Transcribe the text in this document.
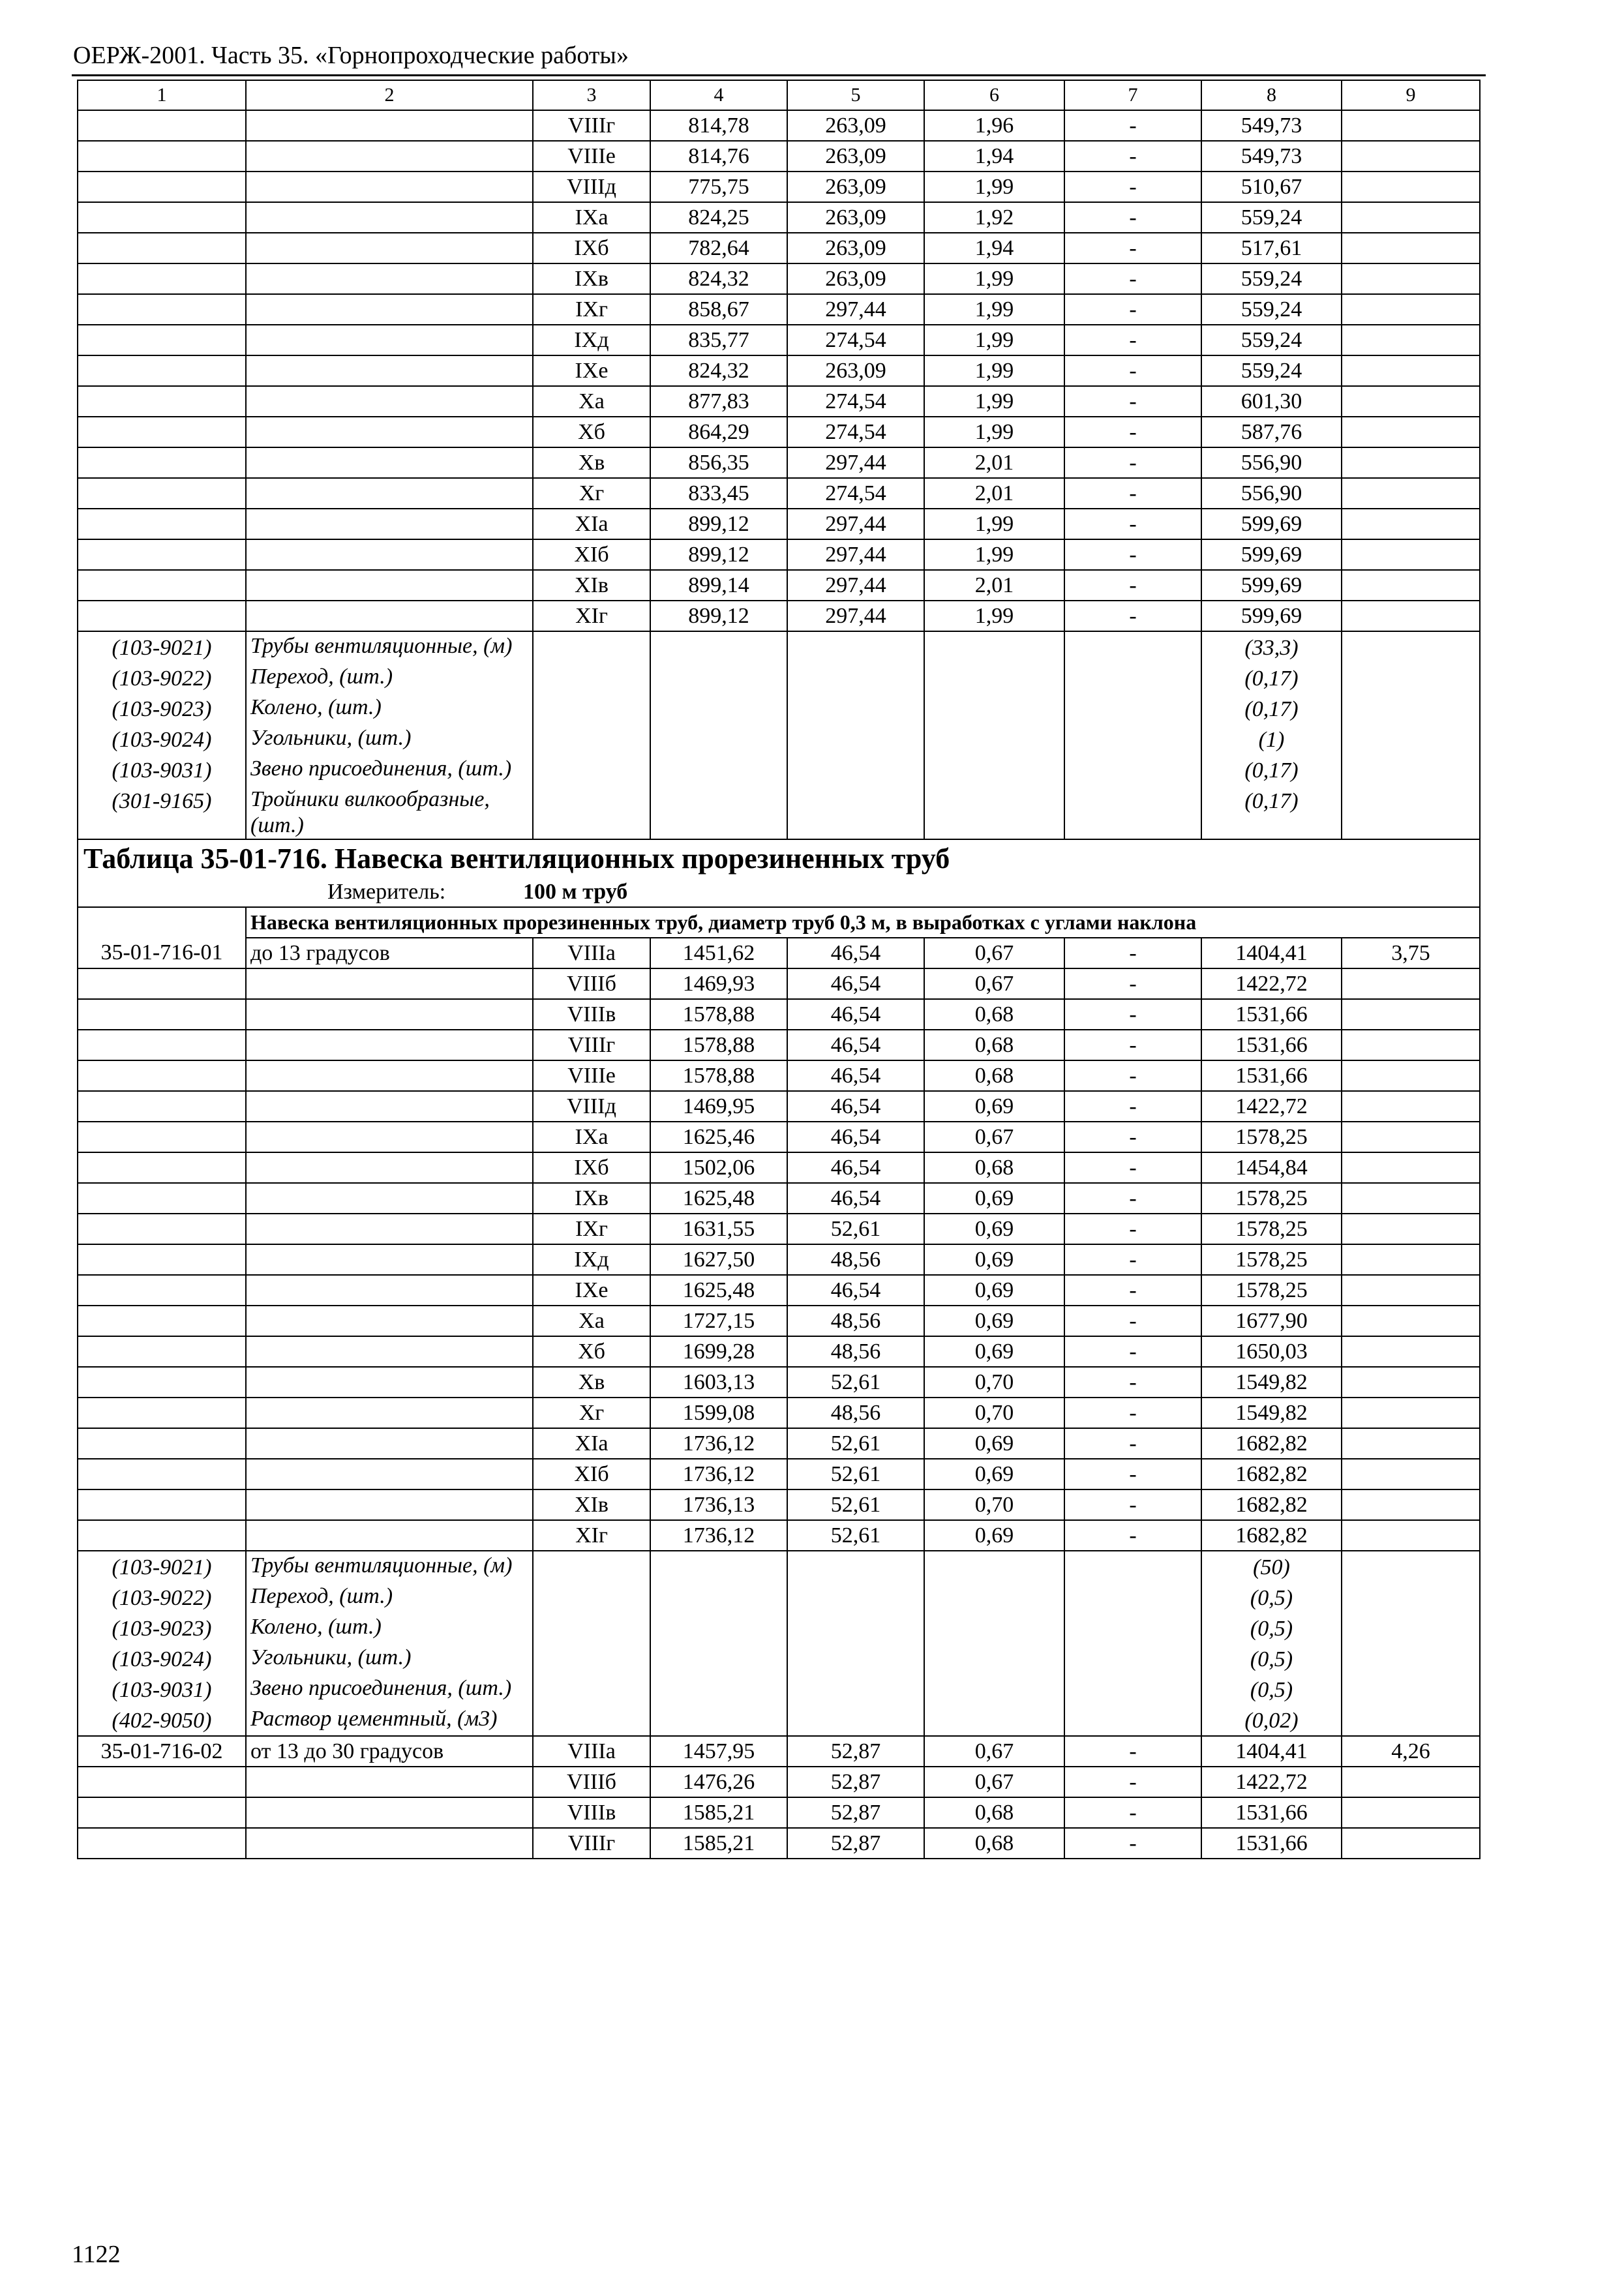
ОЕРЖ-2001. Часть 35. «Горнопроходческие работы»
1	2	3	4	5	6	7	8	9
		VIIIг	814,78	263,09	1,96	-	549,73	
		VIIIе	814,76	263,09	1,94	-	549,73	
		VIIIд	775,75	263,09	1,99	-	510,67	
		IXа	824,25	263,09	1,92	-	559,24	
		IXб	782,64	263,09	1,94	-	517,61	
		IXв	824,32	263,09	1,99	-	559,24	
		IXг	858,67	297,44	1,99	-	559,24	
		IXд	835,77	274,54	1,99	-	559,24	
		IXе	824,32	263,09	1,99	-	559,24	
		Xа	877,83	274,54	1,99	-	601,30	
		Xб	864,29	274,54	1,99	-	587,76	
		Xв	856,35	297,44	2,01	-	556,90	
		Xг	833,45	274,54	2,01	-	556,90	
		XIа	899,12	297,44	1,99	-	599,69	
		XIб	899,12	297,44	1,99	-	599,69	
		XIв	899,14	297,44	2,01	-	599,69	
		XIг	899,12	297,44	1,99	-	599,69	
(103-9021)	Трубы вентиляционные, (м)						(33,3)	
(103-9022)	Переход, (шт.)						(0,17)	
(103-9023)	Колено, (шт.)						(0,17)	
(103-9024)	Угольники, (шт.)						(1)	
(103-9031)	Звено присоединения, (шт.)						(0,17)	
(301-9165)	Тройники вилкообразные, (шт.)						(0,17)	
Таблица 35-01-716. Навеска вентиляционных прорезиненных труб								
Измеритель: 100 м труб								
	Навеска вентиляционных прорезиненных труб, диаметр труб 0,3 м, в выработках с углами наклона							
35-01-716-01	до 13 градусов	VIIIа	1451,62	46,54	0,67	-	1404,41	3,75
		VIIIб	1469,93	46,54	0,67	-	1422,72	
		VIIIв	1578,88	46,54	0,68	-	1531,66	
		VIIIг	1578,88	46,54	0,68	-	1531,66	
		VIIIе	1578,88	46,54	0,68	-	1531,66	
		VIIIд	1469,95	46,54	0,69	-	1422,72	
		IXа	1625,46	46,54	0,67	-	1578,25	
		IXб	1502,06	46,54	0,68	-	1454,84	
		IXв	1625,48	46,54	0,69	-	1578,25	
		IXг	1631,55	52,61	0,69	-	1578,25	
		IXд	1627,50	48,56	0,69	-	1578,25	
		IXе	1625,48	46,54	0,69	-	1578,25	
		Xа	1727,15	48,56	0,69	-	1677,90	
		Xб	1699,28	48,56	0,69	-	1650,03	
		Xв	1603,13	52,61	0,70	-	1549,82	
		Xг	1599,08	48,56	0,70	-	1549,82	
		XIа	1736,12	52,61	0,69	-	1682,82	
		XIб	1736,12	52,61	0,69	-	1682,82	
		XIв	1736,13	52,61	0,70	-	1682,82	
		XIг	1736,12	52,61	0,69	-	1682,82	
(103-9021)	Трубы вентиляционные, (м)						(50)	
(103-9022)	Переход, (шт.)						(0,5)	
(103-9023)	Колено, (шт.)						(0,5)	
(103-9024)	Угольники, (шт.)						(0,5)	
(103-9031)	Звено присоединения, (шт.)						(0,5)	
(402-9050)	Раствор цементный, (м3)						(0,02)	
35-01-716-02	от 13 до 30 градусов	VIIIа	1457,95	52,87	0,67	-	1404,41	4,26
		VIIIб	1476,26	52,87	0,67	-	1422,72	
		VIIIв	1585,21	52,87	0,68	-	1531,66	
		VIIIг	1585,21	52,87	0,68	-	1531,66	
1122
